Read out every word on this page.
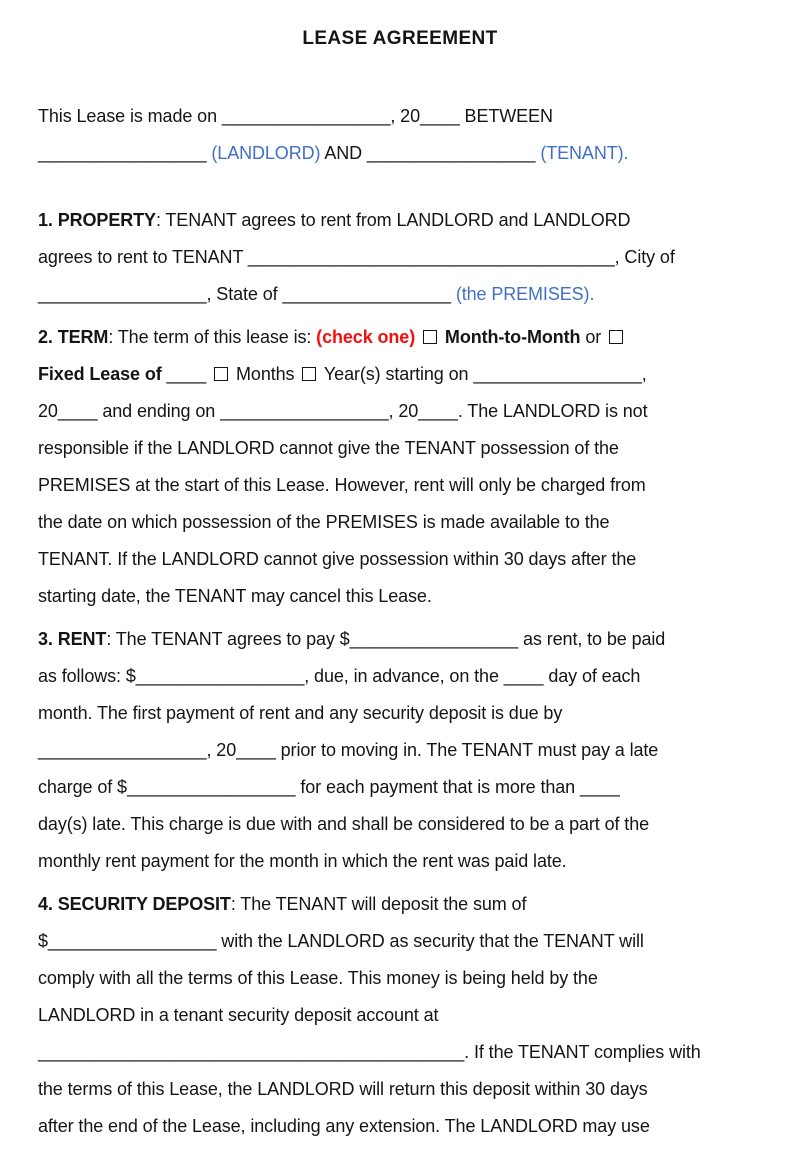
LEASE AGREEMENT
This Lease is made on _________________, 20____ BETWEEN
_________________ (LANDLORD) AND _________________ (TENANT).
1. PROPERTY: TENANT agrees to rent from LANDLORD and LANDLORD
agrees to rent to TENANT _____________________________________, City of
_________________, State of _________________ (the PREMISES).
2. TERM: The term of this lease is: (check one) Month-to-Month or
Fixed Lease of ____  Months  Year(s) starting on _________________,
20____ and ending on _________________, 20____. The LANDLORD is not
responsible if the LANDLORD cannot give the TENANT possession of the
PREMISES at the start of this Lease. However, rent will only be charged from
the date on which possession of the PREMISES is made available to the
TENANT. If the LANDLORD cannot give possession within 30 days after the
starting date, the TENANT may cancel this Lease.
3. RENT: The TENANT agrees to pay $_________________ as rent, to be paid
as follows: $_________________, due, in advance, on the ____ day of each
month. The first payment of rent and any security deposit is due by
_________________, 20____ prior to moving in. The TENANT must pay a late
charge of $_________________ for each payment that is more than ____
day(s) late. This charge is due with and shall be considered to be a part of the
monthly rent payment for the month in which the rent was paid late.
4. SECURITY DEPOSIT: The TENANT will deposit the sum of
$_________________ with the LANDLORD as security that the TENANT will
comply with all the terms of this Lease. This money is being held by the
LANDLORD in a tenant security deposit account at
___________________________________________. If the TENANT complies with
the terms of this Lease, the LANDLORD will return this deposit within 30 days
after the end of the Lease, including any extension. The LANDLORD may use
